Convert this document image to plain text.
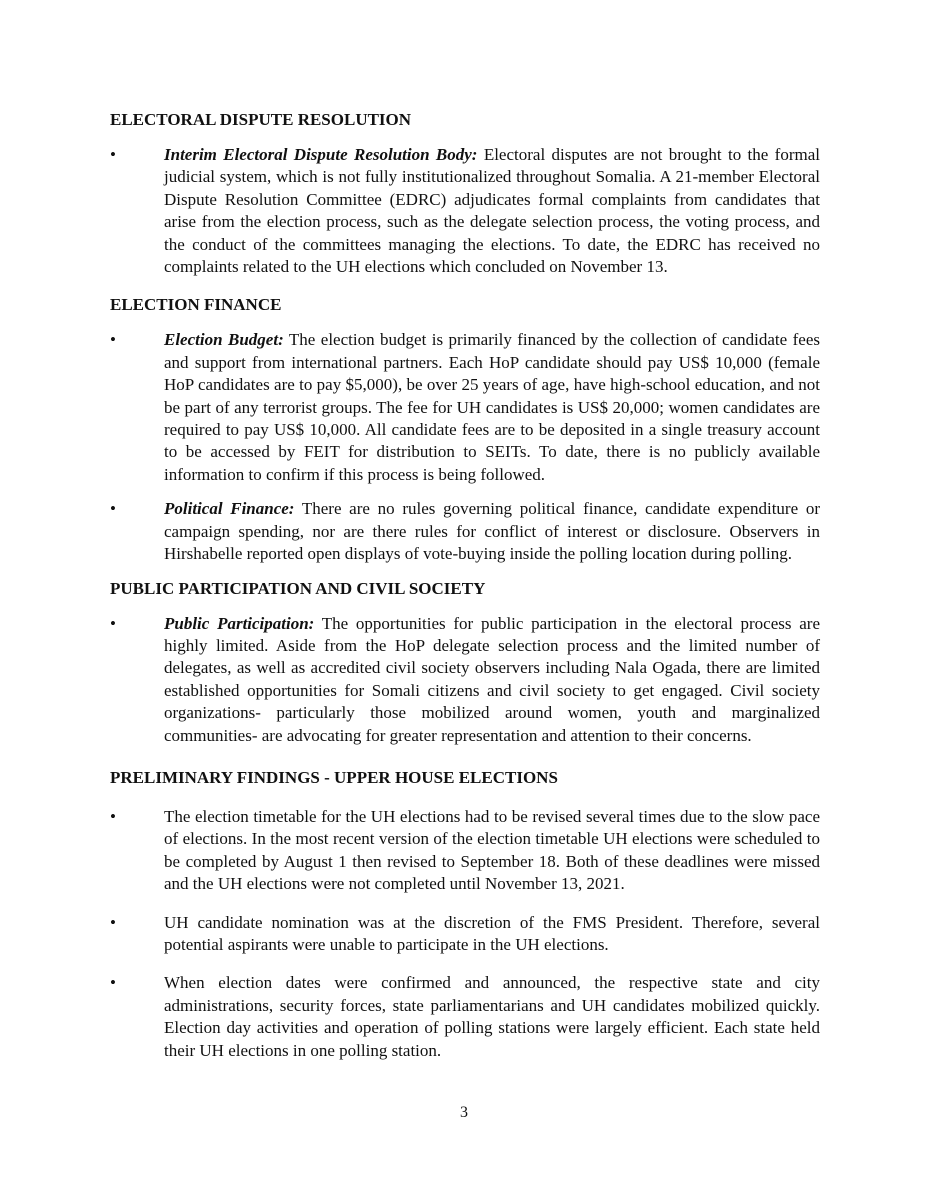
ELECTORAL DISPUTE RESOLUTION
•	Interim Electoral Dispute Resolution Body: Electoral disputes are not brought to the formal judicial system, which is not fully institutionalized throughout Somalia. A 21-member Electoral Dispute Resolution Committee (EDRC) adjudicates formal complaints from candidates that arise from the election process, such as the delegate selection process, the voting process, and the conduct of the committees managing the elections. To date, the EDRC has received no complaints related to the UH elections which concluded on November 13.
ELECTION FINANCE
•	Election Budget: The election budget is primarily financed by the collection of candidate fees and support from international partners. Each HoP candidate should pay US$ 10,000 (female HoP candidates are to pay $5,000), be over 25 years of age, have high-school education, and not be part of any terrorist groups. The fee for UH candidates is US$ 20,000; women candidates are required to pay US$ 10,000. All candidate fees are to be deposited in a single treasury account to be accessed by FEIT for distribution to SEITs. To date, there is no publicly available information to confirm if this process is being followed.
•	Political Finance: There are no rules governing political finance, candidate expenditure or campaign spending, nor are there rules for conflict of interest or disclosure. Observers in Hirshabelle reported open displays of vote-buying inside the polling location during polling.
PUBLIC PARTICIPATION AND CIVIL SOCIETY
•	Public Participation: The opportunities for public participation in the electoral process are highly limited. Aside from the HoP delegate selection process and the limited number of delegates, as well as accredited civil society observers including Nala Ogada, there are limited established opportunities for Somali citizens and civil society to get engaged. Civil society organizations- particularly those mobilized around women, youth and marginalized communities- are advocating for greater representation and attention to their concerns.
PRELIMINARY FINDINGS - UPPER HOUSE ELECTIONS
•	The election timetable for the UH elections had to be revised several times due to the slow pace of elections. In the most recent version of the election timetable UH elections were scheduled to be completed by August 1 then revised to September 18. Both of these deadlines were missed and the UH elections were not completed until November 13, 2021.
•	UH candidate nomination was at the discretion of the FMS President. Therefore, several potential aspirants were unable to participate in the UH elections.
•	When election dates were confirmed and announced, the respective state and city administrations, security forces, state parliamentarians and UH candidates mobilized quickly. Election day activities and operation of polling stations were largely efficient. Each state held their UH elections in one polling station.
3
